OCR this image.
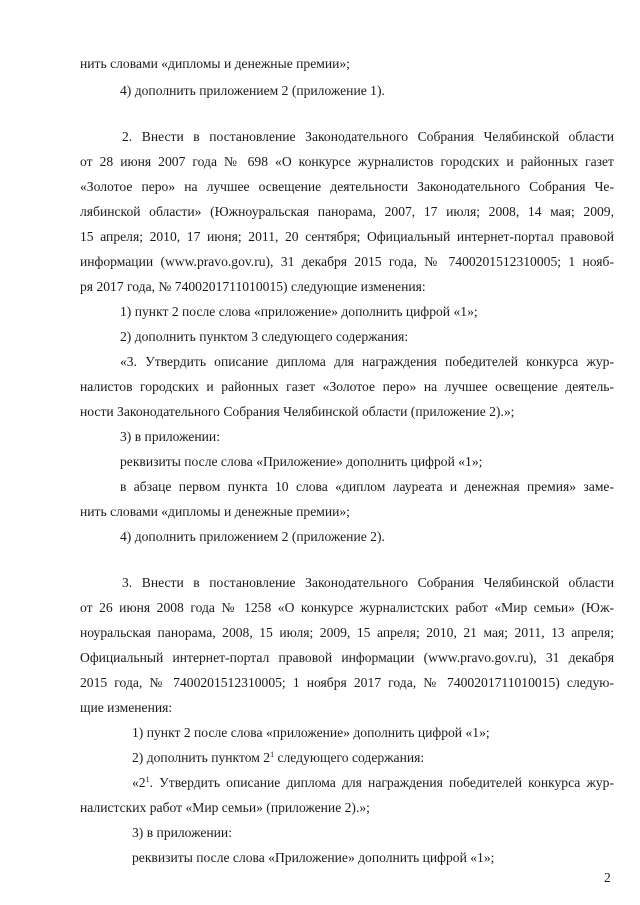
нить словами «дипломы и денежные премии»;
4) дополнить приложением 2 (приложение 1).
2. Внести в постановление Законодательного Собрания Челябинской области
от 28 июня 2007 года № 698 «О конкурсе журналистов городских и районных газет
«Золотое перо» на лучшее освещение деятельности Законодательного Собрания Че-
лябинской области» (Южноуральская панорама, 2007, 17 июля; 2008, 14 мая; 2009,
15 апреля; 2010, 17 июня; 2011, 20 сентября; Официальный интернет-портал правовой
информации (www.pravo.gov.ru), 31 декабря 2015 года, № 7400201512310005; 1 нояб-
ря 2017 года, № 7400201711010015) следующие изменения:
1) пункт 2 после слова «приложение» дополнить цифрой «1»;
2) дополнить пунктом 3 следующего содержания:
«3. Утвердить описание диплома для награждения победителей конкурса жур-
налистов городских и районных газет «Золотое перо» на лучшее освещение деятель-
ности Законодательного Собрания Челябинской области (приложение 2).»;
3) в приложении:
реквизиты после слова «Приложение» дополнить цифрой «1»;
в абзаце первом пункта 10 слова «диплом лауреата и денежная премия» заме-
нить словами «дипломы и денежные премии»;
4) дополнить приложением 2 (приложение 2).
3. Внести в постановление Законодательного Собрания Челябинской области
от 26 июня 2008 года № 1258 «О конкурсе журналистских работ «Мир семьи» (Юж-
ноуральская панорама, 2008, 15 июля; 2009, 15 апреля; 2010, 21 мая; 2011, 13 апреля;
Официальный интернет-портал правовой информации (www.pravo.gov.ru), 31 декабря
2015 года, № 7400201512310005; 1 ноября 2017 года, № 7400201711010015) следую-
щие изменения:
1) пункт 2 после слова «приложение» дополнить цифрой «1»;
2) дополнить пунктом $2^1$ следующего содержания:
«$2^1$. Утвердить описание диплома для награждения победителей конкурса жур-
налистских работ «Мир семьи» (приложение 2).»;
3) в приложении:
реквизиты после слова «Приложение» дополнить цифрой «1»;
2
